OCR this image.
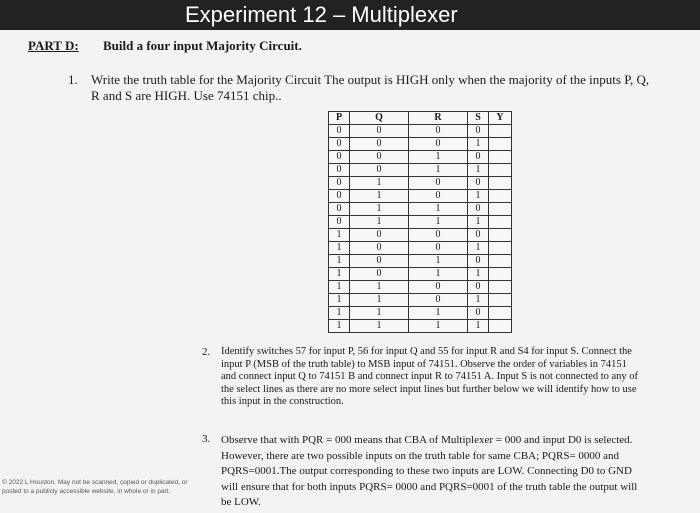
Experiment 12 – Multiplexer
PART D: Build a four input Majority Circuit.
1. Write the truth table for the Majority Circuit The output is HIGH only when the majority of the inputs P, Q, R and S are HIGH. Use 74151 chip..
P	Q	R	S	Y
0	0	0	0	
0	0	0	1	
0	0	1	0	
0	0	1	1	
0	1	0	0	
0	1	0	1	
0	1	1	0	
0	1	1	1	
1	0	0	0	
1	0	0	1	
1	0	1	0	
1	0	1	1	
1	1	0	0	
1	1	0	1	
1	1	1	0	
1	1	1	1	
2. Identify switches 57 for input P, 56 for input Q and 55 for input R and S4 for input S. Connect the input P (MSB of the truth table) to MSB input of 74151. Observe the order of variables in 74151 and connect input Q to 74151 B and connect input R to 74151 A. Input S is not connected to any of the select lines as there are no more select input lines but further below we will identify how to use this input in the construction.
3. Observe that with PQR = 000 means that CBA of Multiplexer = 000 and input D0 is selected. However, there are two possible inputs on the truth table for same CBA; PQRS= 0000 and PQRS=0001.The output corresponding to these two inputs are LOW. Connecting D0 to GND will ensure that for both inputs PQRS= 0000 and PQRS=0001 of the truth table the output will be LOW.
© 2022 L Houston. May not be scanned, copied or duplicated, or posted to a publicly accessible website, in whole or in part.
